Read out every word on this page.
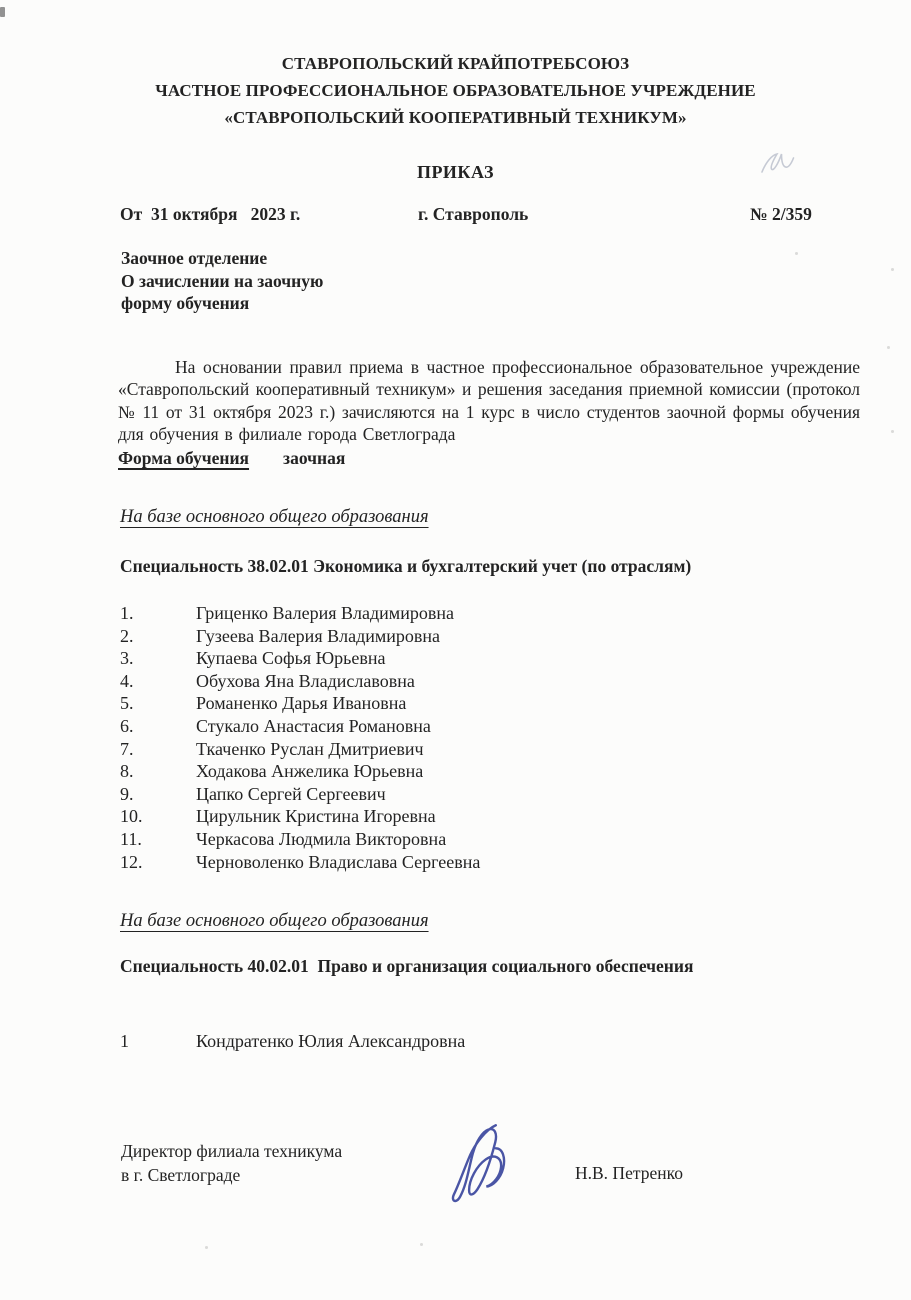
СТАВРОПОЛЬСКИЙ КРАЙПОТРЕБСОЮЗ
ЧАСТНОЕ ПРОФЕССИОНАЛЬНОЕ ОБРАЗОВАТЕЛЬНОЕ УЧРЕЖДЕНИЕ
«СТАВРОПОЛЬСКИЙ КООПЕРАТИВНЫЙ ТЕХНИКУМ»
ПРИКАЗ
От  31 октября   2023 г.	г. Ставрополь	№ 2/359
Заочное отделение
О зачислении на заочную
форму обучения

На основании правил приема в частное профессиональное образовательное учреждение «Ставропольский кооперативный техникум» и решения заседания приемной комиссии (протокол № 11 от 31 октября 2023 г.) зачисляются на 1 курс в число студентов заочной формы обучения для обучения в филиале города Светлограда

Форма обучения заочная
На базе основного общего образования
Специальность 38.02.01 Экономика и бухгалтерский учет (по отраслям)
1.	Гриценко Валерия Владимировна
2.	Гузеева Валерия Владимировна
3.	Купаева Софья Юрьевна
4.	Обухова Яна Владиславовна
5.	Романенко Дарья Ивановна
6.	Стукало Анастасия Романовна
7.	Ткаченко Руслан Дмитриевич
8.	Ходакова Анжелика Юрьевна
9.	Цапко Сергей Сергеевич
10.	Цирульник Кристина Игоревна
11.	Черкасова Людмила Викторовна
12.	Черноволенко Владислава Сергеевна
На базе основного общего образования
Специальность 40.02.01  Право и организация социального обеспечения
1	Кондратенко Юлия Александровна
Директор филиала техникума
в г. Светлограде	Н.В. Петренко
